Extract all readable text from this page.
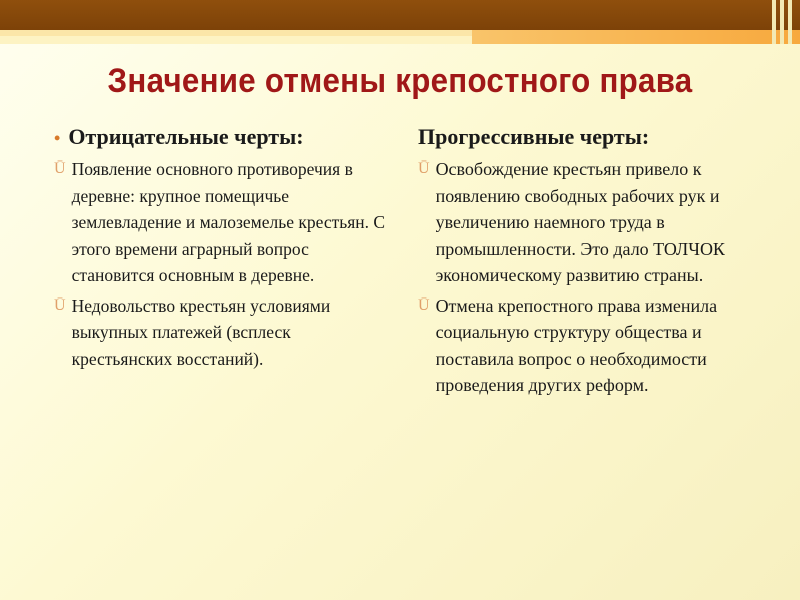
Значение отмены крепостного права
• Отрицательные черты:
Ū Появление основного противоречия в деревне: крупное помещичье землевладение и малоземелье крестьян. С этого времени аграрный вопрос становится основным в деревне.
Ū Недовольство крестьян условиями выкупных платежей (всплеск крестьянских восстаний).
Прогрессивные черты:
Ū Освобождение крестьян привело к появлению свободных рабочих рук и увеличению наемного труда в промышленности. Это дало ТОЛЧОК экономическому развитию страны.
Ū Отмена крепостного права изменила социальную структуру общества и поставила вопрос о необходимости проведения других реформ.
